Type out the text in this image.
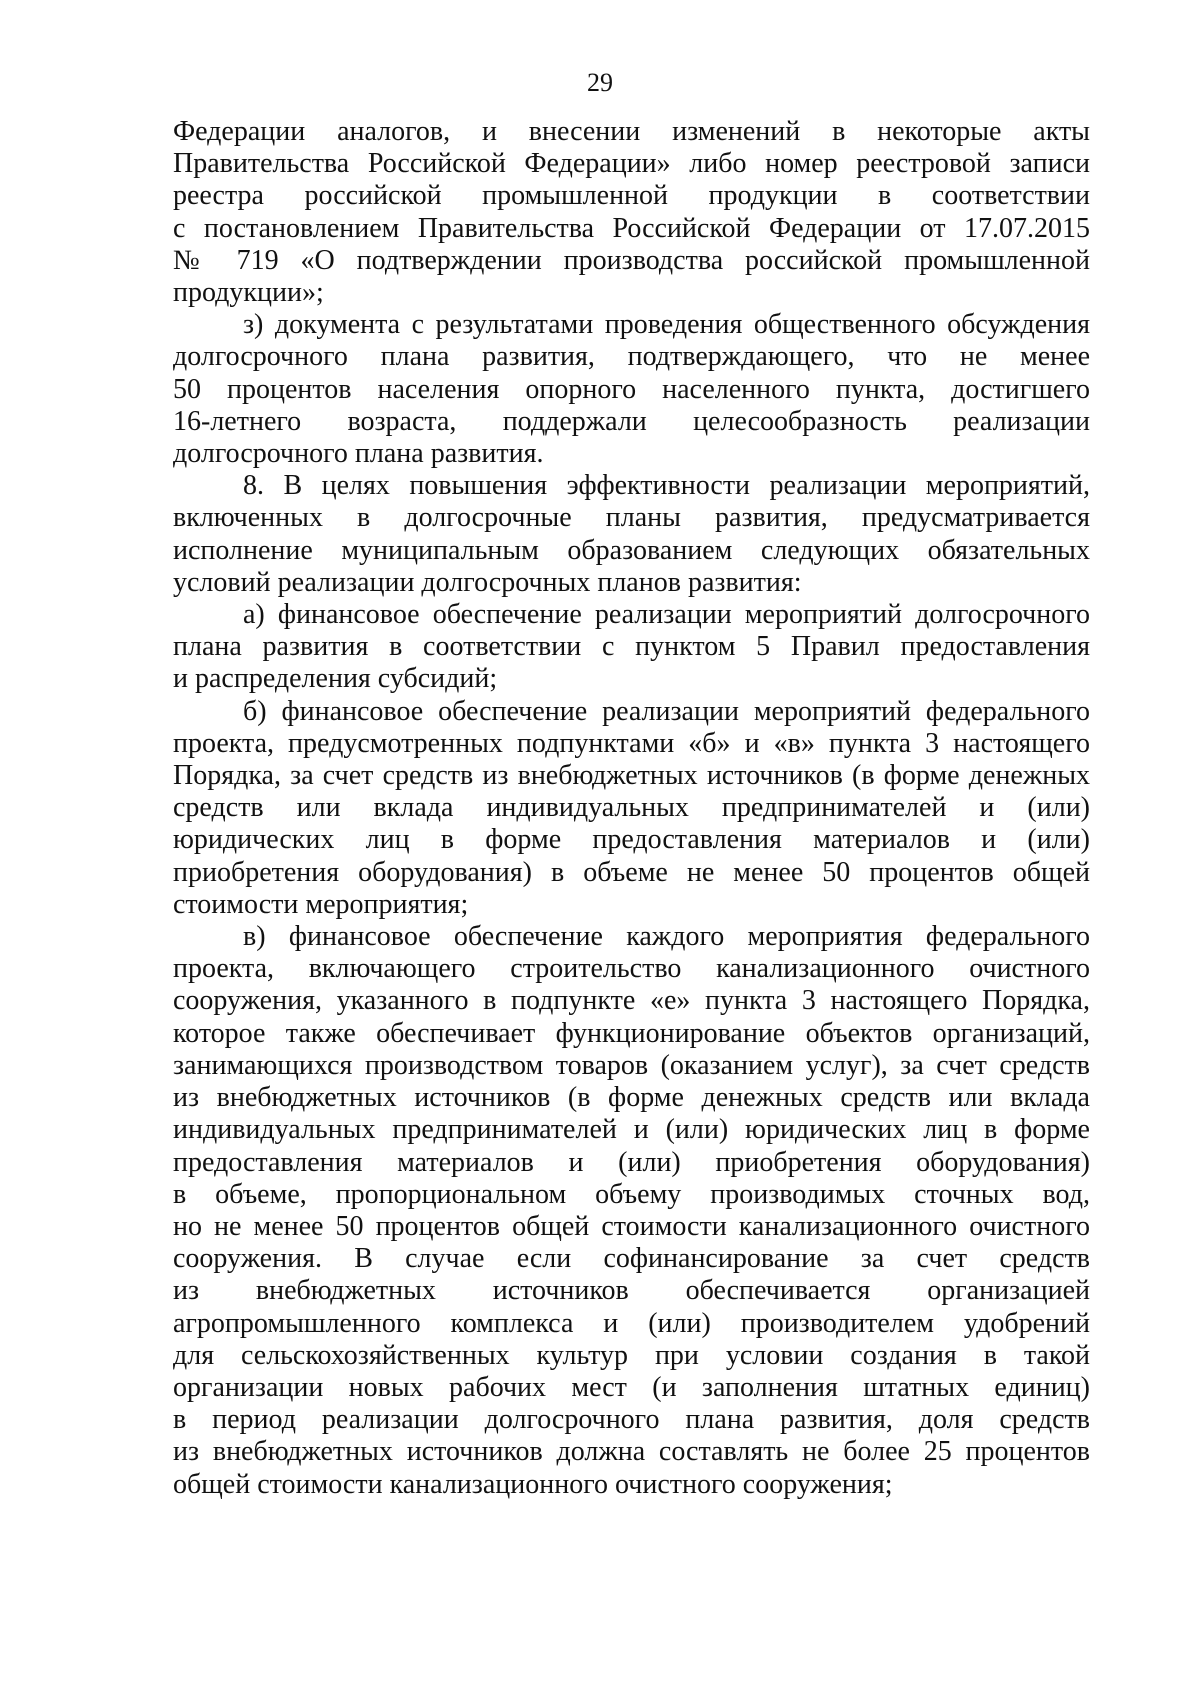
29
Федерации аналогов, и внесении изменений в некоторые акты
Правительства Российской Федерации» либо номер реестровой записи
реестра российской промышленной продукции в соответствии
с постановлением Правительства Российской Федерации от 17.07.2015
№ 719 «О подтверждении производства российской промышленной
продукции»;
з) документа с результатами проведения общественного обсуждения
долгосрочного плана развития, подтверждающего, что не менее
50 процентов населения опорного населенного пункта, достигшего
16-летнего возраста, поддержали целесообразность реализации
долгосрочного плана развития.
8. В целях повышения эффективности реализации мероприятий,
включенных в долгосрочные планы развития, предусматривается
исполнение муниципальным образованием следующих обязательных
условий реализации долгосрочных планов развития:
а) финансовое обеспечение реализации мероприятий долгосрочного
плана развития в соответствии с пунктом 5 Правил предоставления
и распределения субсидий;
б) финансовое обеспечение реализации мероприятий федерального
проекта, предусмотренных подпунктами «б» и «в» пункта 3 настоящего
Порядка, за счет средств из внебюджетных источников (в форме денежных
средств или вклада индивидуальных предпринимателей и (или)
юридических лиц в форме предоставления материалов и (или)
приобретения оборудования) в объеме не менее 50 процентов общей
стоимости мероприятия;
в) финансовое обеспечение каждого мероприятия федерального
проекта, включающего строительство канализационного очистного
сооружения, указанного в подпункте «е» пункта 3 настоящего Порядка,
которое также обеспечивает функционирование объектов организаций,
занимающихся производством товаров (оказанием услуг), за счет средств
из внебюджетных источников (в форме денежных средств или вклада
индивидуальных предпринимателей и (или) юридических лиц в форме
предоставления материалов и (или) приобретения оборудования)
в объеме, пропорциональном объему производимых сточных вод,
но не менее 50 процентов общей стоимости канализационного очистного
сооружения. В случае если софинансирование за счет средств
из внебюджетных источников обеспечивается организацией
агропромышленного комплекса и (или) производителем удобрений
для сельскохозяйственных культур при условии создания в такой
организации новых рабочих мест (и заполнения штатных единиц)
в период реализации долгосрочного плана развития, доля средств
из внебюджетных источников должна составлять не более 25 процентов
общей стоимости канализационного очистного сооружения;
